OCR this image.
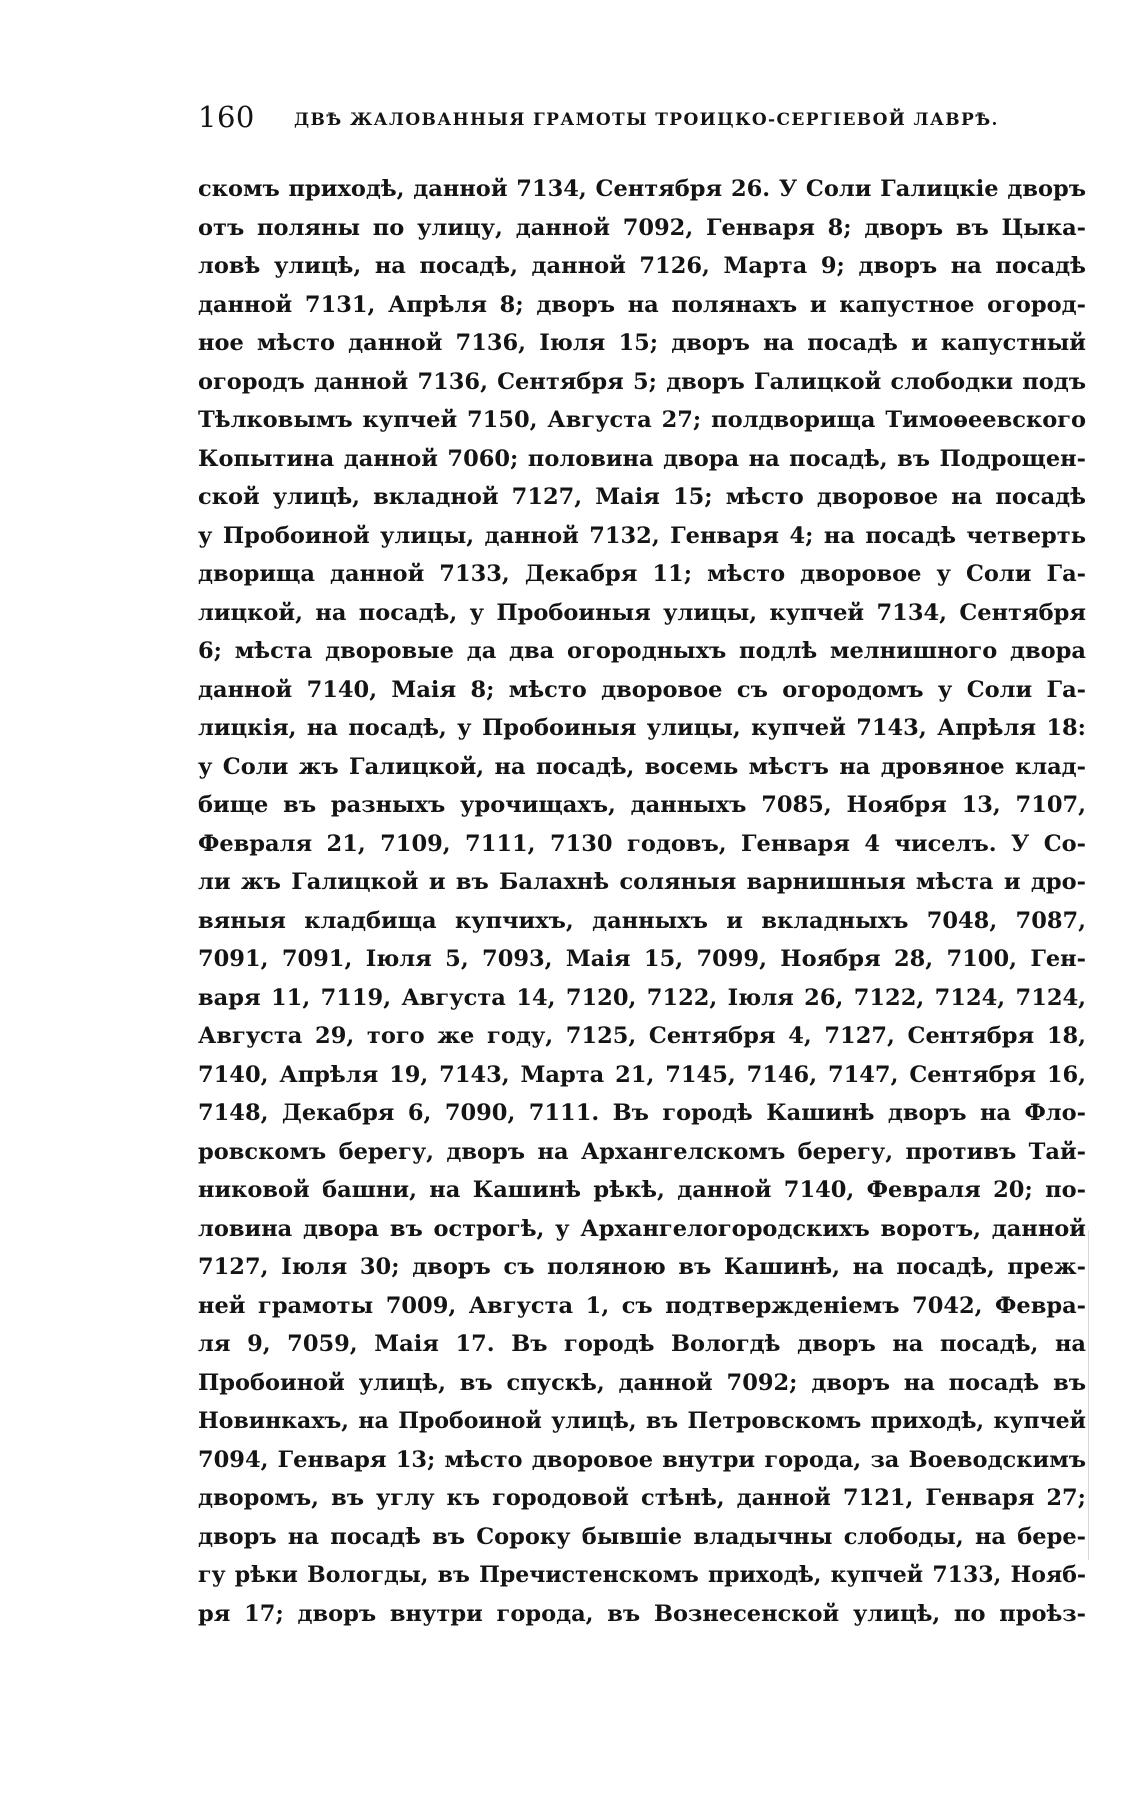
160 ДВѢ ЖАЛОВАННЫЯ ГРАМОТЫ ТРОИЦКО-СЕРГІЕВОЙ ЛАВРѢ.
скомъ приходѣ, данной 7134, Сентября 26. У Соли Галицкіе дворъ
отъ поляны по улицу, данной 7092, Генваря 8; дворъ въ Цыка-
ловѣ улицѣ, на посадѣ, данной 7126, Марта 9; дворъ на посадѣ
данной 7131, Апрѣля 8; дворъ на полянахъ и капустное огород-
ное мѣсто данной 7136, Іюля 15; дворъ на посадѣ и капустный
огородъ данной 7136, Сентября 5; дворъ Галицкой слободки подъ
Тѣлковымъ купчей 7150, Августа 27; полдворища Тимоѳеевского
Копытина данной 7060; половина двора на посадѣ, въ Подрощен-
ской улицѣ, вкладной 7127, Маія 15; мѣсто дворовое на посадѣ
у Пробоиной улицы, данной 7132, Генваря 4; на посадѣ четверть
дворища данной 7133, Декабря 11; мѣсто дворовое у Соли Га-
лицкой, на посадѣ, у Пробоиныя улицы, купчей 7134, Сентября
6; мѣста дворовые да два огородныхъ подлѣ мелнишного двора
данной 7140, Маія 8; мѣсто дворовое съ огородомъ у Соли Га-
лицкія, на посадѣ, у Пробоиныя улицы, купчей 7143, Апрѣля 18:
у Соли жъ Галицкой, на посадѣ, восемь мѣстъ на дровяное клад-
бище въ разныхъ урочищахъ, данныхъ 7085, Ноября 13, 7107,
Февраля 21, 7109, 7111, 7130 годовъ, Генваря 4 чиселъ. У Со-
ли жъ Галицкой и въ Балахнѣ соляныя варнишныя мѣста и дро-
вяныя кладбища купчихъ, данныхъ и вкладныхъ 7048, 7087,
7091, 7091, Іюля 5, 7093, Маія 15, 7099, Ноября 28, 7100, Ген-
варя 11, 7119, Августа 14, 7120, 7122, Іюля 26, 7122, 7124, 7124,
Августа 29, того же году, 7125, Сентября 4, 7127, Сентября 18,
7140, Апрѣля 19, 7143, Марта 21, 7145, 7146, 7147, Сентября 16,
7148, Декабря 6, 7090, 7111. Въ городѣ Кашинѣ дворъ на Фло-
ровскомъ берегу, дворъ на Архангелскомъ берегу, противъ Тай-
никовой башни, на Кашинѣ рѣкѣ, данной 7140, Февраля 20; по-
ловина двора въ острогѣ, у Архангелогородскихъ воротъ, данной
7127, Іюля 30; дворъ съ поляною въ Кашинѣ, на посадѣ, преж-
ней грамоты 7009, Августа 1, съ подтвержденіемъ 7042, Февра-
ля 9, 7059, Маія 17. Въ городѣ Вологдѣ дворъ на посадѣ, на
Пробоиной улицѣ, въ спускѣ, данной 7092; дворъ на посадѣ въ
Новинкахъ, на Пробоиной улицѣ, въ Петровскомъ приходѣ, купчей
7094, Генваря 13; мѣсто дворовое внутри города, за Воеводскимъ
дворомъ, въ углу къ городовой стѣнѣ, данной 7121, Генваря 27;
дворъ на посадѣ въ Сороку бывшіе владычны слободы, на бере-
гу рѣки Вологды, въ Пречистенскомъ приходѣ, купчей 7133, Нояб-
ря 17; дворъ внутри города, въ Вознесенской улицѣ, по проѣз-
